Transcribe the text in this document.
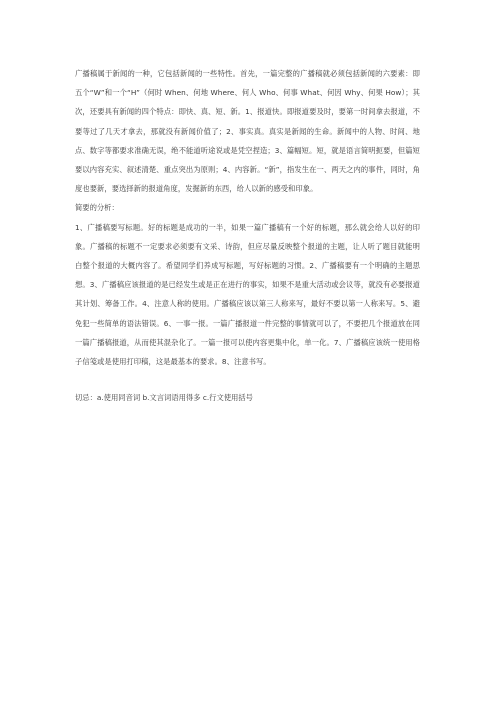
广播稿属于新闻的一种，它包括新闻的一些特性。首先，一篇完整的广播稿就必须包括新闻的六要素：即五个“W”和一个“H”（何时 When、何地 Where、何人 Who、何事 What、何因 Why、何果 How）；其次，还要具有新闻的四个特点：即快、真、短、新。1、报道快。即报道要及时，要第一时间拿去报道，不要等过了几天才拿去，那就没有新闻价值了；2、事实真。真实是新闻的生命。新闻中的人物、时间、地点、数字等都要求准确无误，绝不能道听途说或是凭空捏造；3、篇幅短。短，就是语言简明扼要，但篇短要以内容充实、叙述清楚、重点突出为原则；4、内容新。“新”，指发生在一、两天之内的事件，同时，角度也要新，要选择新的报道角度，发掘新的东西，给人以新的感受和印象。

简要的分析：

1、广播稿要写标题。好的标题是成功的一半，如果一篇广播稿有一个好的标题，那么就会给人以好的印象。广播稿的标题不一定要求必须要有文采、诗韵，但应尽量反映整个报道的主题，让人听了题目就能明白整个报道的大概内容了。希望同学们养成写标题，写好标题的习惯。2、广播稿要有一个明确的主题思想。3、广播稿应该报道的是已经发生或是正在进行的事实，如果不是重大活动或会议等，就没有必要报道其计划、筹备工作。4、注意人称的使用。广播稿应该以第三人称来写，最好不要以第一人称来写。5、避免犯一些简单的语法错误。6、一事一报。一篇广播报道一件完整的事情就可以了，不要把几个报道放在同一篇广播稿报道，从而使其混杂化了。一篇一报可以使内容更集中化，单一化。7、广播稿应该统一使用格子信笺或是使用打印稿，这是最基本的要求。8、注意书写。

切忌：a.使用同音词 b.文言词语用得多 c.行文使用括号
